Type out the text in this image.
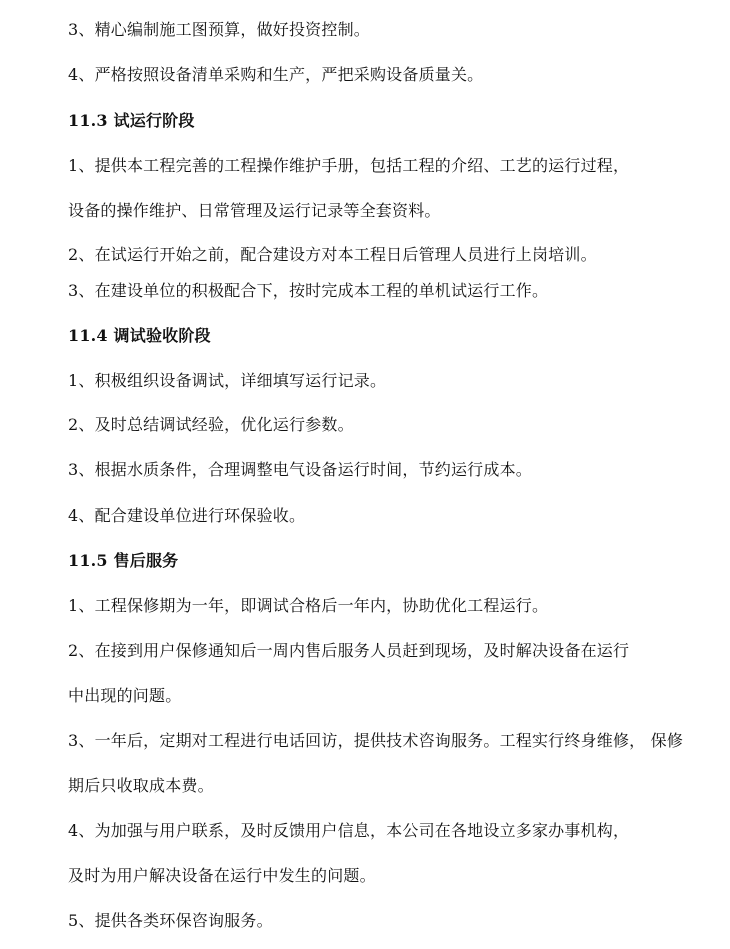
3、精心编制施工图预算，做好投资控制。
4、严格按照设备清单采购和生产，严把采购设备质量关。
11.3 试运行阶段
1、提供本工程完善的工程操作维护手册，包括工程的介绍、工艺的运行过程，
设备的操作维护、日常管理及运行记录等全套资料。
2、在试运行开始之前，配合建设方对本工程日后管理人员进行上岗培训。
3、在建设单位的积极配合下，按时完成本工程的单机试运行工作。
11.4 调试验收阶段
1、积极组织设备调试，详细填写运行记录。
2、及时总结调试经验，优化运行参数。
3、根据水质条件，合理调整电气设备运行时间，节约运行成本。
4、配合建设单位进行环保验收。
11.5 售后服务
1、工程保修期为一年，即调试合格后一年内，协助优化工程运行。
2、在接到用户保修通知后一周内售后服务人员赶到现场，及时解决设备在运行
中出现的问题。
3、一年后，定期对工程进行电话回访，提供技术咨询服务。工程实行终身维修， 保修
期后只收取成本费。
4、为加强与用户联系，及时反馈用户信息，本公司在各地设立多家办事机构，
及时为用户解决设备在运行中发生的问题。
5、提供各类环保咨询服务。
